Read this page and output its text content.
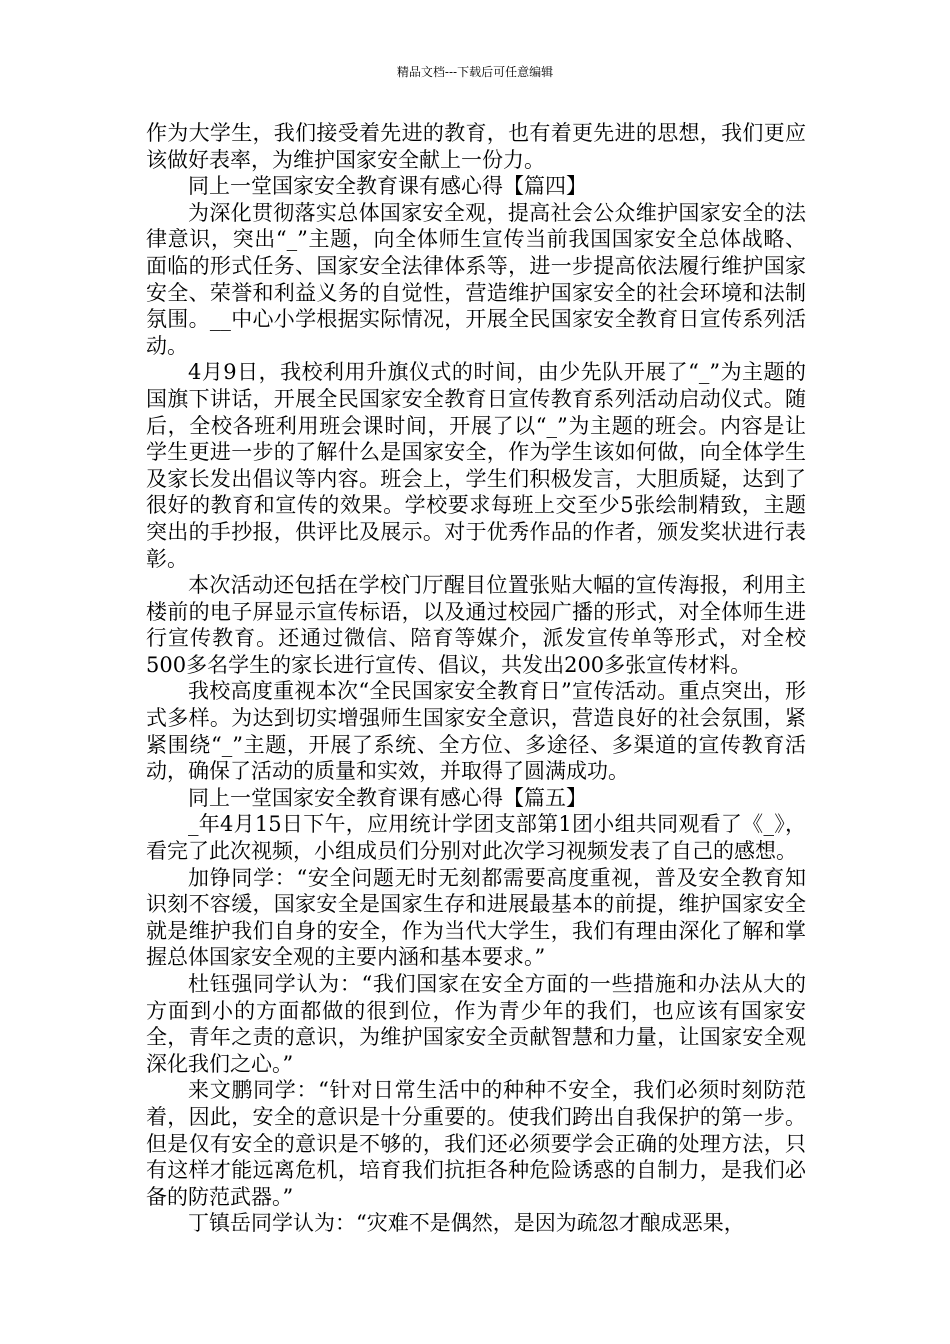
精品文档---下载后可任意编辑

作为大学生，我们接受着先进的教育，也有着更先进的思想，我们更应该做好表率，为维护国家安全献上一份力。

同上一堂国家安全教育课有感心得【篇四】

为深化贯彻落实总体国家安全观，提高社会公众维护国家安全的法律意识，突出“_”主题，向全体师生宣传当前我国国家安全总体战略、面临的形式任务、国家安全法律体系等，进一步提高依法履行维护国家安全、荣誉和利益义务的自觉性，营造维护国家安全的社会环境和法制氛围。__中心小学根据实际情况，开展全民国家安全教育日宣传系列活动。

4月9日，我校利用升旗仪式的时间，由少先队开展了“_”为主题的国旗下讲话，开展全民国家安全教育日宣传教育系列活动启动仪式。随后，全校各班利用班会课时间，开展了以“_”为主题的班会。内容是让学生更进一步的了解什么是国家安全，作为学生该如何做，向全体学生及家长发出倡议等内容。班会上，学生们积极发言，大胆质疑，达到了很好的教育和宣传的效果。学校要求每班上交至少5张绘制精致，主题突出的手抄报，供评比及展示。对于优秀作品的作者，颁发奖状进行表彰。

本次活动还包括在学校门厅醒目位置张贴大幅的宣传海报，利用主楼前的电子屏显示宣传标语，以及通过校园广播的形式，对全体师生进行宣传教育。还通过微信、陪育等媒介，派发宣传单等形式，对全校500多名学生的家长进行宣传、倡议，共发出200多张宣传材料。

我校高度重视本次“全民国家安全教育日”宣传活动。重点突出，形式多样。为达到切实增强师生国家安全意识，营造良好的社会氛围，紧紧围绕“_”主题，开展了系统、全方位、多途径、多渠道的宣传教育活动，确保了活动的质量和实效，并取得了圆满成功。

同上一堂国家安全教育课有感心得【篇五】

_年4月15日下午，应用统计学团支部第1团小组共同观看了《_》，看完了此次视频，小组成员们分别对此次学习视频发表了自己的感想。

加铮同学：“安全问题无时无刻都需要高度重视，普及安全教育知识刻不容缓，国家安全是国家生存和进展最基本的前提，维护国家安全就是维护我们自身的安全，作为当代大学生，我们有理由深化了解和掌握总体国家安全观的主要内涵和基本要求。”

杜钰强同学认为：“我们国家在安全方面的一些措施和办法从大的方面到小的方面都做的很到位，作为青少年的我们，也应该有国家安全，青年之责的意识，为维护国家安全贡献智慧和力量，让国家安全观深化我们之心。”

来文鹏同学：“针对日常生活中的种种不安全，我们必须时刻防范着，因此，安全的意识是十分重要的。使我们跨出自我保护的第一步。但是仅有安全的意识是不够的，我们还必须要学会正确的处理方法，只有这样才能远离危机，培育我们抗拒各种危险诱惑的自制力，是我们必备的防范武器。”

丁镇岳同学认为：“灾难不是偶然，是因为疏忽才酿成恶果，
